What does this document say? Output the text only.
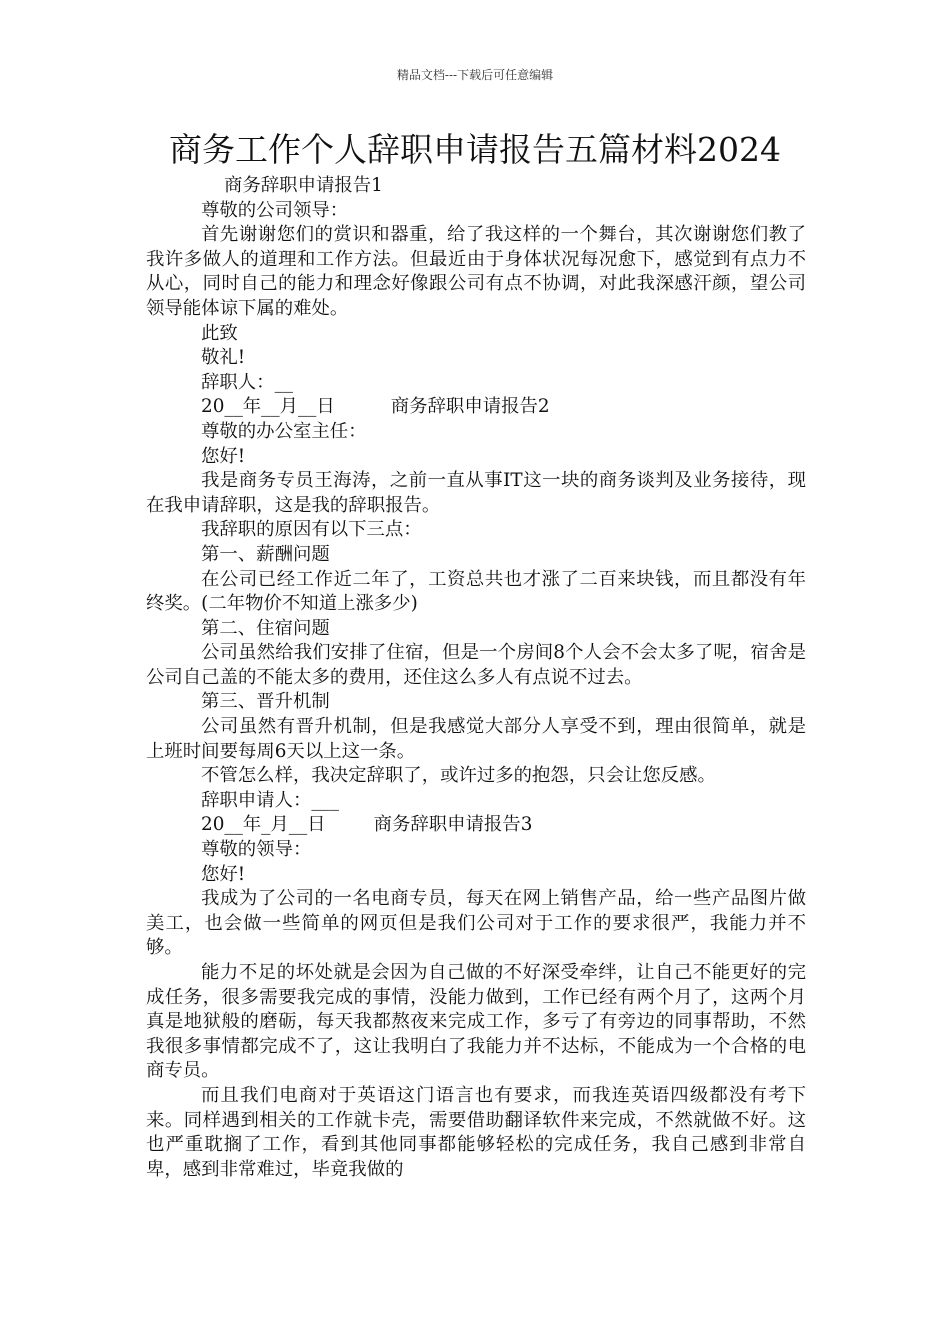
精品文档---下载后可任意编辑
商务工作个人辞职申请报告五篇材料2024

商务辞职申请报告1

尊敬的公司领导：

首先谢谢您们的赏识和器重，给了我这样的一个舞台，其次谢谢您们教了我许多做人的道理和工作方法。但最近由于身体状况每况愈下，感觉到有点力不从心，同时自己的能力和理念好像跟公司有点不协调，对此我深感汗颜，望公司领导能体谅下属的难处。

此致

敬礼!

辞职人：__

20__年__月__日	商务辞职申请报告2

尊敬的办公室主任：

您好!

我是商务专员王海涛，之前一直从事IT这一块的商务谈判及业务接待，现在我申请辞职，这是我的辞职报告。

我辞职的原因有以下三点：

第一、薪酬问题

在公司已经工作近二年了，工资总共也才涨了二百来块钱，而且都没有年终奖。(二年物价不知道上涨多少)

第二、住宿问题

公司虽然给我们安排了住宿，但是一个房间8个人会不会太多了呢，宿舍是公司自己盖的不能太多的费用，还住这么多人有点说不过去。

第三、晋升机制

公司虽然有晋升机制，但是我感觉大部分人享受不到，理由很简单，就是上班时间要每周6天以上这一条。

不管怎么样，我决定辞职了，或许过多的抱怨，只会让您反感。

辞职申请人：___

20__年_月__日	商务辞职申请报告3

尊敬的领导：

您好!

我成为了公司的一名电商专员，每天在网上销售产品，给一些产品图片做美工，也会做一些简单的网页但是我们公司对于工作的要求很严，我能力并不够。

能力不足的坏处就是会因为自己做的不好深受牵绊，让自己不能更好的完成任务，很多需要我完成的事情，没能力做到，工作已经有两个月了，这两个月真是地狱般的磨砺，每天我都熬夜来完成工作，多亏了有旁边的同事帮助，不然我很多事情都完成不了，这让我明白了我能力并不达标，不能成为一个合格的电商专员。

而且我们电商对于英语这门语言也有要求，而我连英语四级都没有考下来。同样遇到相关的工作就卡壳，需要借助翻译软件来完成，不然就做不好。这也严重耽搁了工作，看到其他同事都能够轻松的完成任务，我自己感到非常自卑，感到非常难过，毕竟我做的
